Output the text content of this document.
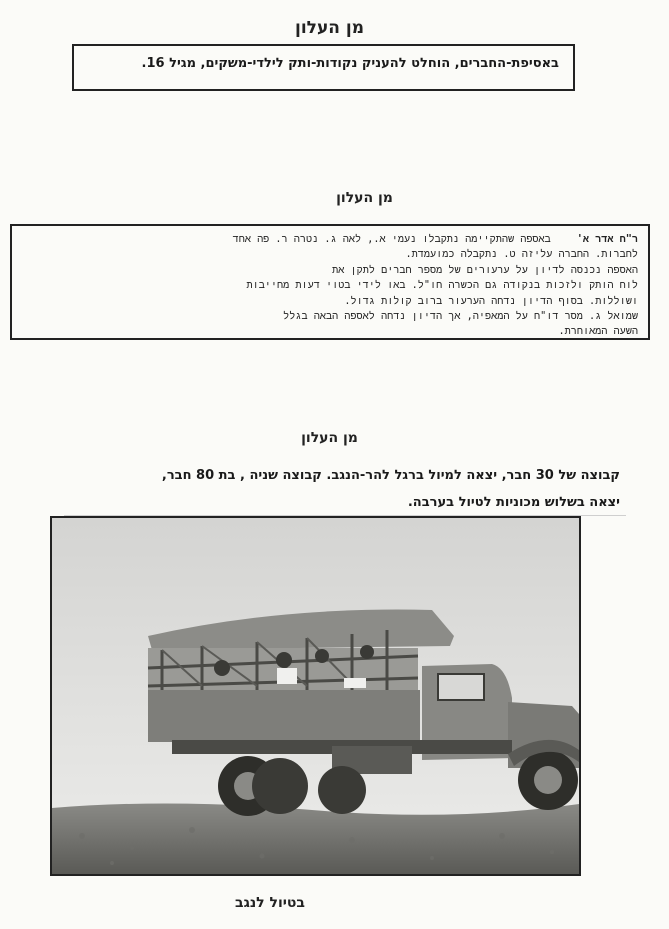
מן העלון
באסיפת-החברים, הוחלט להעניק נקודות-ותק לילדי-משקים, מגיל 16.
מן העלון
ר"ח אדר א'באספה שהתקיימה נתקבלו נעמי א., לאה ג. נטרה ר. פה אחד
לחברות. החברה עליזה ט. נתקבלה כמועמדת.
האספה נכנסה לדיון על ערעורים של מספר חברים לתקן את
לוח הותק ולזכות בנקודה גם הכשרה חו"ל. באו לידי בטוי דעות מחייבות
ושוללות. בסוף הדיון נדחה הערעור ברוב קולות גדול.
שמואל ג. מסר דו"ח על המאפיה, אך הדיון נדחה לאספה הבאה בגלל
השעה המאוחרת.
מן העלון
קבוצה של 30 חבר, יצאה למיול ברגל להר-הנגב. קבוצה שניה , בת 80 חבר,
יצאה בשלוש מכוניות לטיול בערבה.
בטיול לנגב
